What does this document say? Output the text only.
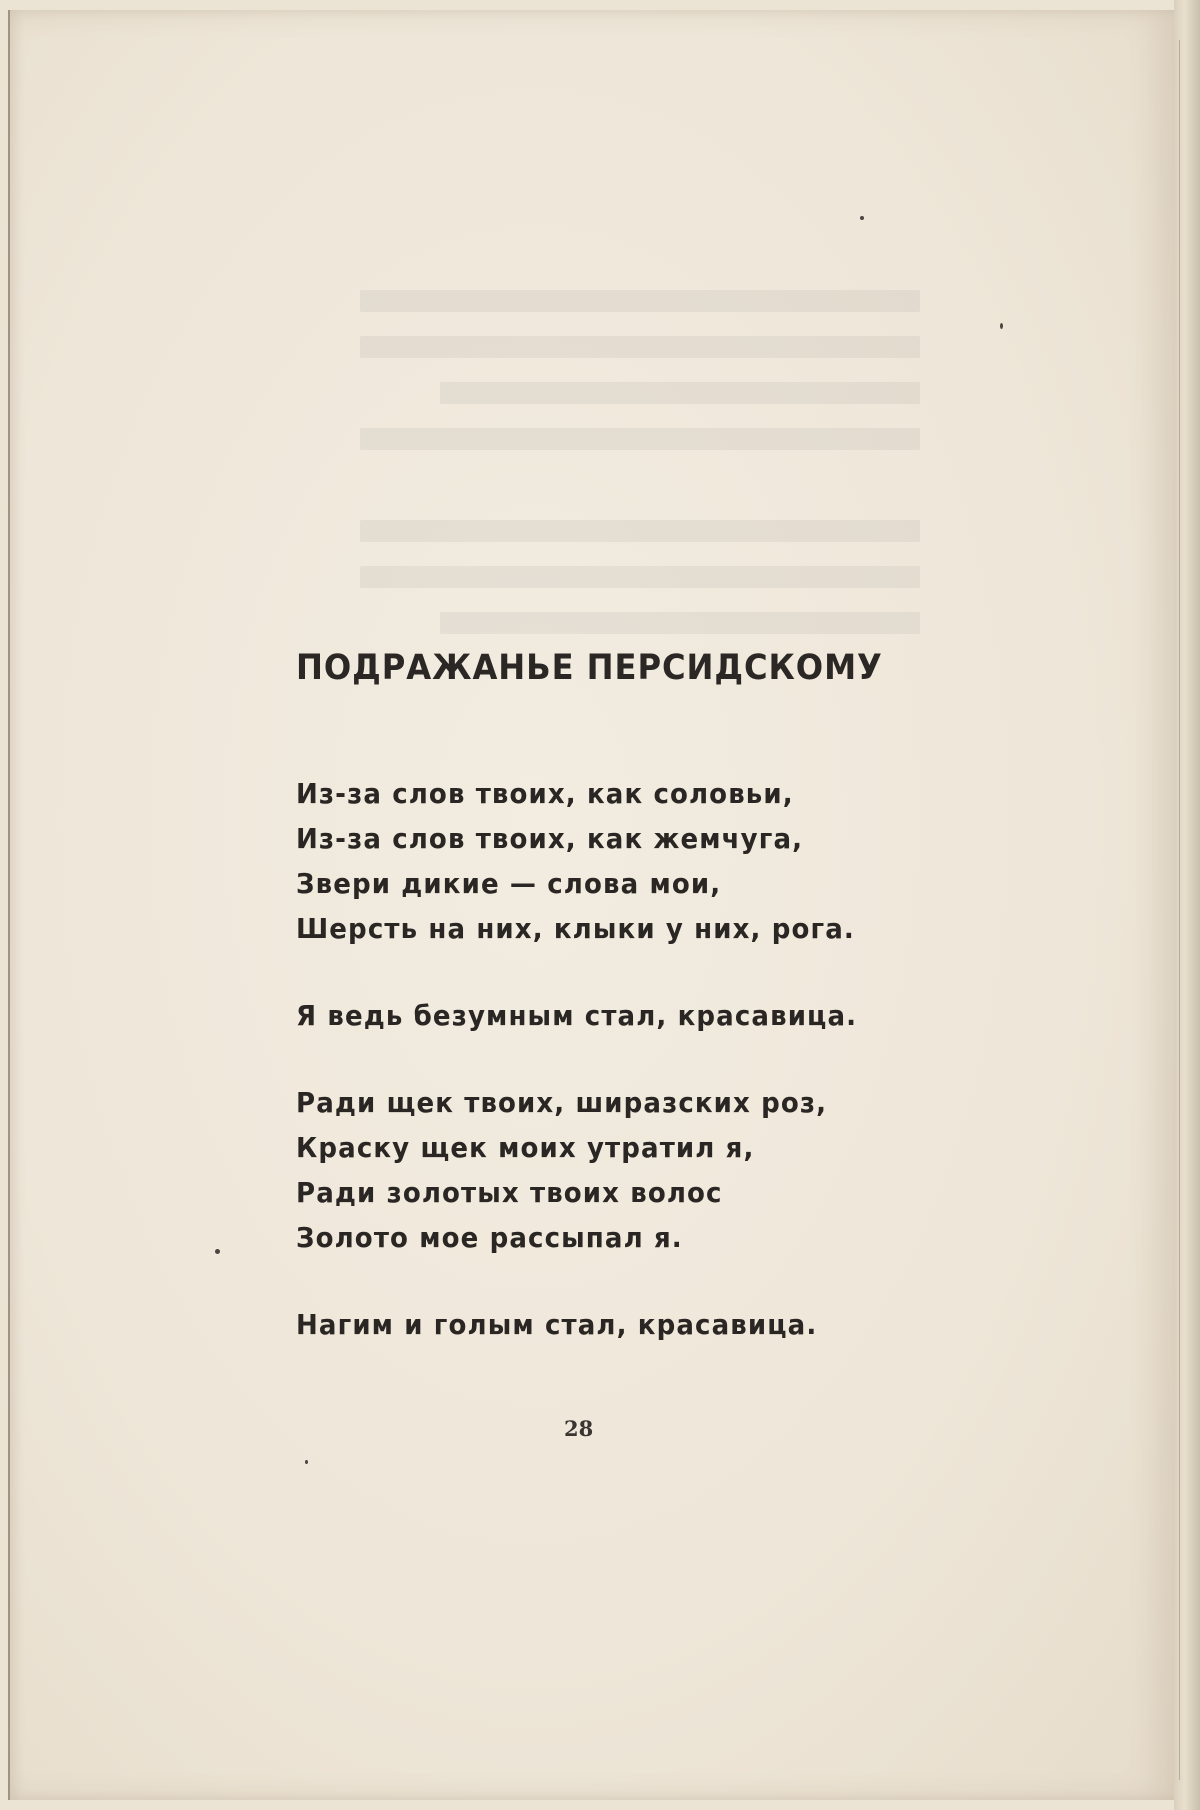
ПОДРАЖАНЬЕ ПЕРСИДСКОМУ

Из-за слов твоих, как соловьи,
Из-за слов твоих, как жемчуга,
Звери дикие — слова мои,
Шерсть на них, клыки у них, рога.

Я ведь безумным стал, красавица.

Ради щек твоих, ширазских роз,
Краску щек моих утратил я,
Ради золотых твоих волос
Золото мое рассыпал я.

Нагим и голым стал, красавица.

28
